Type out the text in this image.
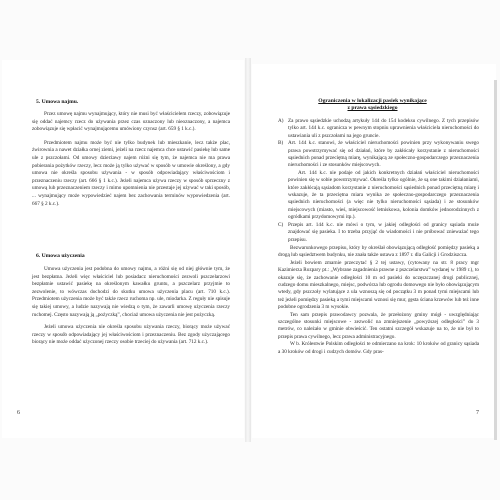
5. Umowa najmu.

Przez umowę najmu wynajmujący, który nie musi być właścicielem rzeczy, zobowiązuje się oddać najemcy rzecz do używania przez czas oznaczony lub nieoznaczony, a najemca zobowiązuje się wpłacić wynajmującemu umówiony czynsz (art. 659 § 1 k.c.).

Przedmiotem najmu może być nie tylko budynek lub mieszkanie, lecz także plac, żwirownia a nawet działka ornej ziemi, jeżeli na rzecz najemca chce ustawić pasiekę lub same ule z pszczołami. Od umowy dzierżawy najem różni się tym, że najemca nie ma prawa pobierania pożytków rzeczy, lecz może ją tylko używać w sposób w umowie określony, a gdy umowa nie określa sposobu używania - w sposób odpowiadający właściwościom i przeznaczeniu rzeczy (art. 666 § 1 k.c.). Jeżeli najemca używa rzeczy w sposób sprzeczny z umową lub przeznaczeniem rzeczy i mimo upomnienia nie przestaje jej używać w taki sposób, ... wynajmujący może wypowiedzieć najem bez zachowania terminów wypowiedzenia (art. 667 § 2 k.c.).

6. Umowa użyczenia

Umowa użyczenia jest podobna do umowy najmu, a różni się od niej głównie tym, że jest bezpłatna. Jeżeli więc właściciel lub posiadacz nieruchomości zezwoli pszczelarzowi bezpłatnie ustawić pasiekę na określonym kawałku gruntu, a pszczelarz przyjmie to zezwolenie, to wówczas dochodzi do skutku umowa użyczenia placu (art. 710 k.c.). Przedmiotem użyczenia może być także rzecz ruchoma np. ule, miodarka. Z reguły nie spisuje się takiej umowy, a ludzie nazywają nie wiedzą o tym, że zawarli umowę użyczenia rzeczy ruchomej. Często nazywają ją „pożyczką”, chociaż umowa użyczenia nie jest pożyczką.

Jeżeli umowa użyczenia nie określa sposobu używania rzeczy, biorący może używać rzeczy w sposób odpowiadający jej właściwościom i przeznaczeniu. Bez zgody użyczającego biorący nie może oddać użyczonej rzeczy osobie trzeciej do używania (art. 712 k.c.).

6
Ograniczenia w lokalizacji pasiek wynikające
z prawa sąsiedzkiego
A) Za prawo sąsiedzkie uchodzą artykuły 144 do 154 kodeksu cywilnego. Z tych przepisów tylko art. 144 k.c. ogranicza w pewnym stopniu uprawnienia właściciela nieruchomości do ustawiania uli z pszczołami na jego gruncie.
B) Art. 144 k.c. stanowi, że właściciel nieruchomości powinien przy wykonywaniu swego prawa powstrzymywać się od działań, które by zakłócały korzystanie z nieruchomości sąsiednich ponad przeciętną miarę, wynikającą ze społeczno-gospodarczego przeznaczenia nieruchomości i ze stosunków miejscowych.
Art. 144 k.c. nie podaje od jakich konkretnych działań właściciel nieruchomości powinien się w sobie powstrzymywać. Określa tylko ogólnie, że są one takimi działaniami, które zakłócają sąsiadom korzystanie z nieruchomości sąsiednich ponad przeciętną miarę i wskazuje, że ta przeciętna miara wynika ze społeczno-gospodarczego przeznaczenia sąsiednich nieruchomości (a więc nie tylko nieruchomości sąsiada) i ze stosunków miejscowych (miasto, wieś, miejscowość letniskowa, kolonia domków jednorodzinnych z ogródkami przydomowymi itp.).
C) Przepis art. 144 k.c. nie mówi o tym, w jakiej odległości od granicy sąsiada może znajdować się pasieka. I to trzeba przyjąć do wiadomości i nie próbować znieważać tego przepisu.

Bezwarunkowego przepisu, który by określał obowiązującą odległość pomiędzy pasieką a drogą lub sąsiedztwem budynku, nie znała także ustawa z 1897 r. dla Galicji i Grodziszcza.

Jeżeli bowiem zmarnie przeczytać § 2 tej ustawy, (cytowany na str. 8 pracy mgr Kazimierza Rozpary pt.: „Wybrane zagadnienia prawne z pszczelarstwa” wydanej w 1989 r.), to okazuje się, że zachowanie odległości 10 m od pasieki do uczęszczanej drogi publicznej, cudzego domu mieszkalnego, miejsc, podwórza lub ogrodu domowego nie było obowiązującym wtedy, gdy pszczoły wylatujące z ula wznoszą się od początku 3 m ponad tymi miejscami lub też jeżeli pomiędzy pasieką a tymi miejscami wznosi się mur, gęsta ściana krzewów lub też inne podobne ogrodzenia 3 m wysokie.

Ten sam przepis prawodawcy pozwala, że przełożony gminy mógł - uwzględniając szczególne stosunki miejscowe - zezwolić na zmniejszenie „powyższej odległości” do 3 metrów, co należało w gminie obwieścić. Ten ostatni szczegół wskazuje na to, że nie był to przepis prawa cywilnego, lecz prawa administracyjnego.

W b. Królestwie Polskim odległości te odmierzano na krok: 10 kroków od granicy sąsiada a 30 kroków od drogi i cudzych domów. Gdy pras-

7
